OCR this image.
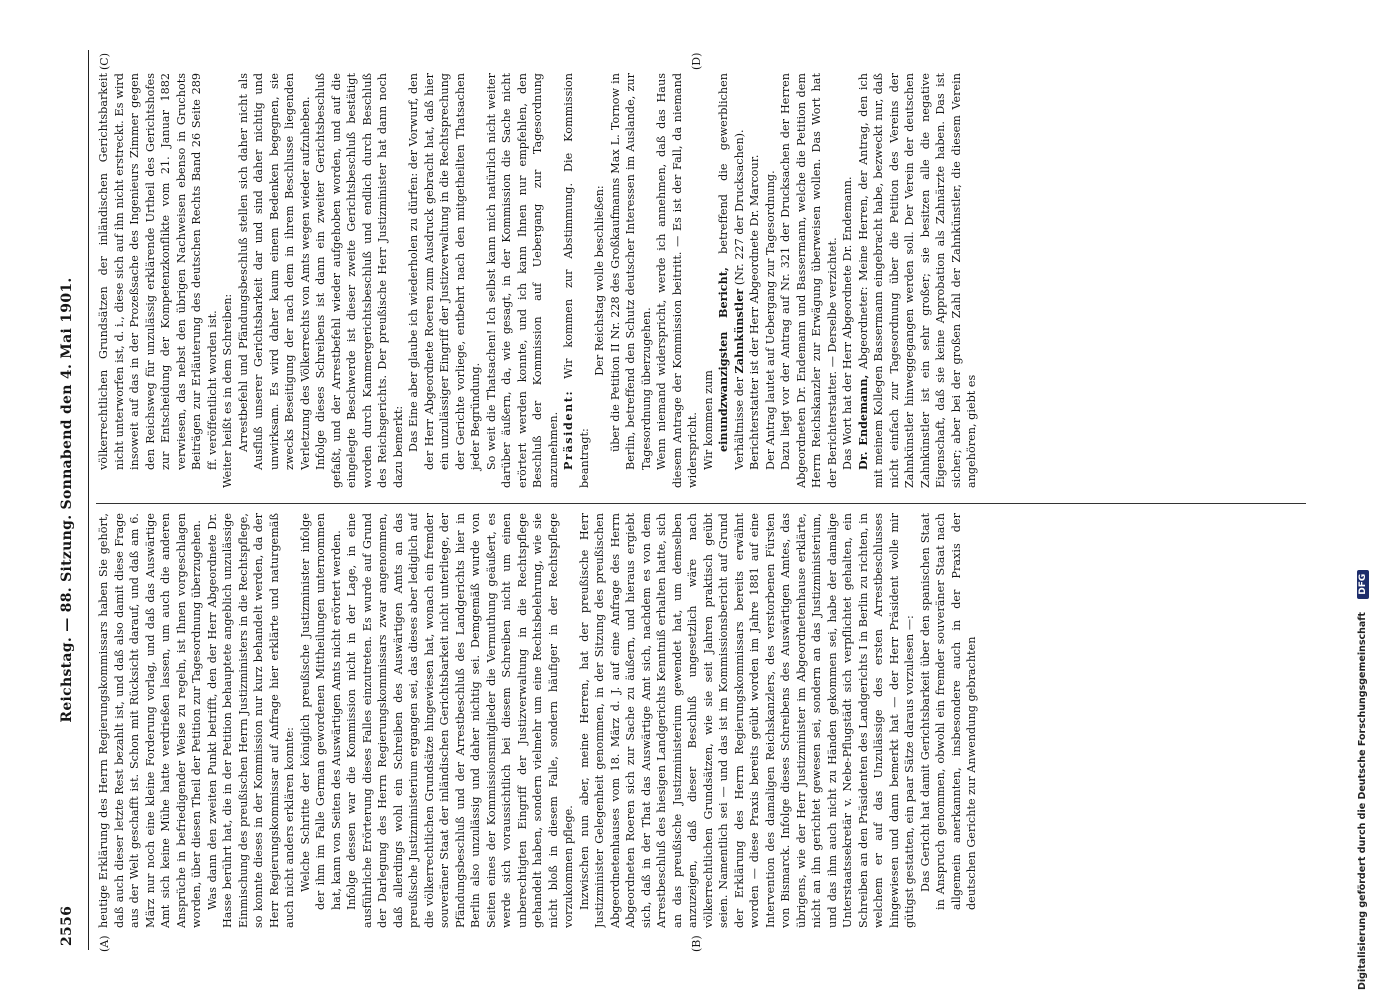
2556
Reichstag. — 88. Sitzung. Sonnabend den 4. Mai 1901.
(A)	(B)
(C)	(D)

heutige Erklärung des Herrn Regierungskommissars haben Sie gehört, daß auch dieser letzte Rest bezahlt ist, und daß also damit diese Frage aus der Welt geschafft ist. Schon mit Rücksicht darauf, und daß am 6. März nur noch eine kleine Forderung vorlag, und daß das Auswärtige Amt sich keine Mühe hatte verdrießen lassen, um auch die anderen Ansprüche in befriedigender Weise zu regeln, ist Ihnen vorgeschlagen worden, über diesen Theil der Petition zur Tagesordnung überzugehen. Was dann den zweiten Punkt betrifft, den der Herr Abgeordnete Dr. Hasse berührt hat, die in der Petition behauptete angeblich unzulässige Einmischung des preußischen Herrn Justizministers in die Rechtspflege, so konnte dieses in der Kommission nur kurz behandelt werden, da der Herr Regierungskommissar auf Anfrage hier erklärte und naturgemäß auch nicht anders erklären konnte: Welche Schritte der königlich preußische Justizminister infolge der ihm im Falle German gewordenen Mittheilungen unternommen hat, kann von Seiten des Auswärtigen Amts nicht erörtert werden. Infolge dessen war die Kommission nicht in der Lage, in eine ausführliche Erörterung dieses Falles einzutreten. Es wurde auf Grund der Darlegung des Herrn Regierungskommissars zwar angenommen, daß allerdings wohl ein Schreiben des Auswärtigen Amts an das preußische Justizministerium ergangen sei, das dieses aber lediglich auf die völkerrechtlichen Grundsätze hingewiesen hat, wonach ein fremder souveräner Staat der inländischen Gerichtsbarkeit nicht unterliege, der Pfändungsbeschluß und der Arrestbeschluß des Landgerichts hier in Berlin also unzulässig und daher nichtig sei. Demgemäß wurde von Seiten eines der Kommissionsmitglieder die Vermuthung geäußert, es werde sich voraussichtlich bei diesem Schreiben nicht um einen unberechtigten Eingriff der Justizverwaltung in die Rechtspflege gehandelt haben, sondern vielmehr um eine Rechtsbelehrung, wie sie nicht bloß in diesem Falle, sondern häufiger in der Rechtspflege vorzukommen pflege. Inzwischen nun aber, meine Herren, hat der preußische Herr Justizminister Gelegenheit genommen, in der Sitzung des preußischen Abgeordnetenhauses vom 18. März d. J. auf eine Anfrage des Herrn Abgeordneten Roeren sich zur Sache zu äußern, und hieraus ergiebt sich, daß in der That das Auswärtige Amt sich, nachdem es von dem Arrestbeschluß des hiesigen Landgerichts Kenntniß erhalten hatte, sich an das preußische Justizministerium gewendet hat, um demselben anzuzeigen, daß dieser Beschluß ungesetzlich wäre nach völkerrechtlichen Grundsätzen, wie sie seit Jahren praktisch geübt seien. Namentlich sei — und das ist im Kommissionsbericht auf Grund der Erklärung des Herrn Regierungskommissars bereits erwähnt worden — diese Praxis bereits geübt worden im Jahre 1881 auf eine Intervention des damaligen Reichskanzlers, des verstorbenen Fürsten von Bismarck. Infolge dieses Schreibens des Auswärtigen Amtes, das übrigens, wie der Herr Justizminister im Abgeordnetenhause erklärte, nicht an ihn gerichtet gewesen sei, sondern an das Justizministerium, und das ihm auch nicht zu Händen gekommen sei, habe der damalige Unterstaatssekretär v. Nebe-Pflugstädt sich verpflichtet gehalten, ein Schreiben an den Präsidenten des Landgerichts I in Berlin zu richten, in welchem er auf das Unzulässige des ersten Arrestbeschlusses hingewiesen und dann bemerkt hat — der Herr Präsident wolle mir gütigst gestatten, ein paar Sätze daraus vorzulesen —: Das Gericht hat damit Gerichtsbarkeit über den spanischen Staat in Anspruch genommen, obwohl ein fremder souveräner Staat nach allgemein anerkannten, insbesondere auch in der Praxis der deutschen Gerichte zur Anwendung gebrachten

völkerrechtlichen Grundsätzen der inländischen Gerichtsbarkeit nicht unterworfen ist, d. i., diese sich auf ihn nicht erstreckt. Es wird insoweit auf das in der Prozeßsache des Ingenieurs Zimmer gegen den Reichsweg für unzulässig erklärende Urtheil des Gerichtshofes zur Entscheidung der Kompetenzkonflikte vom 21. Januar 1882 verwiesen, das nebst den übrigen Nachweisen ebenso in Gruchots Beiträgen zur Erläuterung des deutschen Rechts Band 26 Seite 289 ff. veröffentlicht worden ist. Weiter heißt es in dem Schreiben: Arrestbefehl und Pfändungsbeschluß stellen sich daher nicht als Ausfluß unserer Gerichtsbarkeit dar und sind daher nichtig und unwirksam. Es wird daher kaum einem Bedenken begegnen, sie zwecks Beseitigung der nach dem in ihrem Beschlusse liegenden Verletzung des Völkerrechts von Amts wegen wieder aufzuheben. Infolge dieses Schreibens ist dann ein zweiter Gerichtsbeschluß gefaßt, und der Arrestbefehl wieder aufgehoben worden, und auf die eingelegte Beschwerde ist dieser zweite Gerichtsbeschluß bestätigt worden durch Kammergerichtsbeschluß und endlich durch Beschluß des Reichsgerichts. Der preußische Herr Justizminister hat dann noch dazu bemerkt: Das Eine aber glaube ich wiederholen zu dürfen: der Vorwurf, den der Herr Abgeordnete Roeren zum Ausdruck gebracht hat, daß hier ein unzulässiger Eingriff der Justizverwaltung in die Rechtsprechung der Gerichte vorliege, entbehrt nach den mitgetheilten Thatsachen jeder Begründung. So weit die Thatsachen! Ich selbst kann mich natürlich nicht weiter darüber äußern, da, wie gesagt, in der Kommission die Sache nicht erörtert werden konnte, und ich kann Ihnen nur empfehlen, den Beschluß der Kommission auf Uebergang zur Tagesordnung anzunehmen. Präsident: Wir kommen zur Abstimmung. Die Kommission beantragt:

Der Reichstag wolle beschließen: über die Petition II Nr. 228 des Großkaufmanns Max L. Tornow in Berlin, betreffend den Schutz deutscher Interessen im Auslande, zur Tagesordnung überzugehen. Wenn niemand widerspricht, werde ich annehmen, daß das Haus diesem Antrage der Kommission beitritt. — Es ist der Fall, da niemand widerspricht. Wir kommen zum einundzwanzigsten Bericht, betreffend die gewerblichen Verhältnisse der Zahnkünstler (Nr. 227 der Drucksachen). Berichterstatter ist der Herr Abgeordnete Dr. Marcour. Der Antrag lautet auf Uebergang zur Tagesordnung. Dazu liegt vor der Antrag auf Nr. 321 der Drucksachen der Herren Abgeordneten Dr. Endemann und Bassermann, welche die Petition dem Herrn Reichskanzler zur Erwägung überweisen wollen. Das Wort hat der Berichterstatter. — Derselbe verzichtet. Das Wort hat der Herr Abgeordnete Dr. Endemann. Dr. Endemann, Abgeordneter: Meine Herren, der Antrag, den ich mit meinem Kollegen Bassermann eingebracht habe, bezweckt nur, daß nicht einfach zur Tagesordnung über die Petition des Vereins der Zahnkünstler hinweggegangen werden soll. Der Verein der deutschen Zahnkünstler ist ein sehr großer; sie besitzen alle die negative Eigenschaft, daß sie keine Approbation als Zahnärzte haben. Das ist sicher; aber bei der großen Zahl der Zahnkünstler, die diesem Verein angehören, giebt es

Digitalisierung gefördert durch die Deutsche Forschungsgemeinschaft DFG
